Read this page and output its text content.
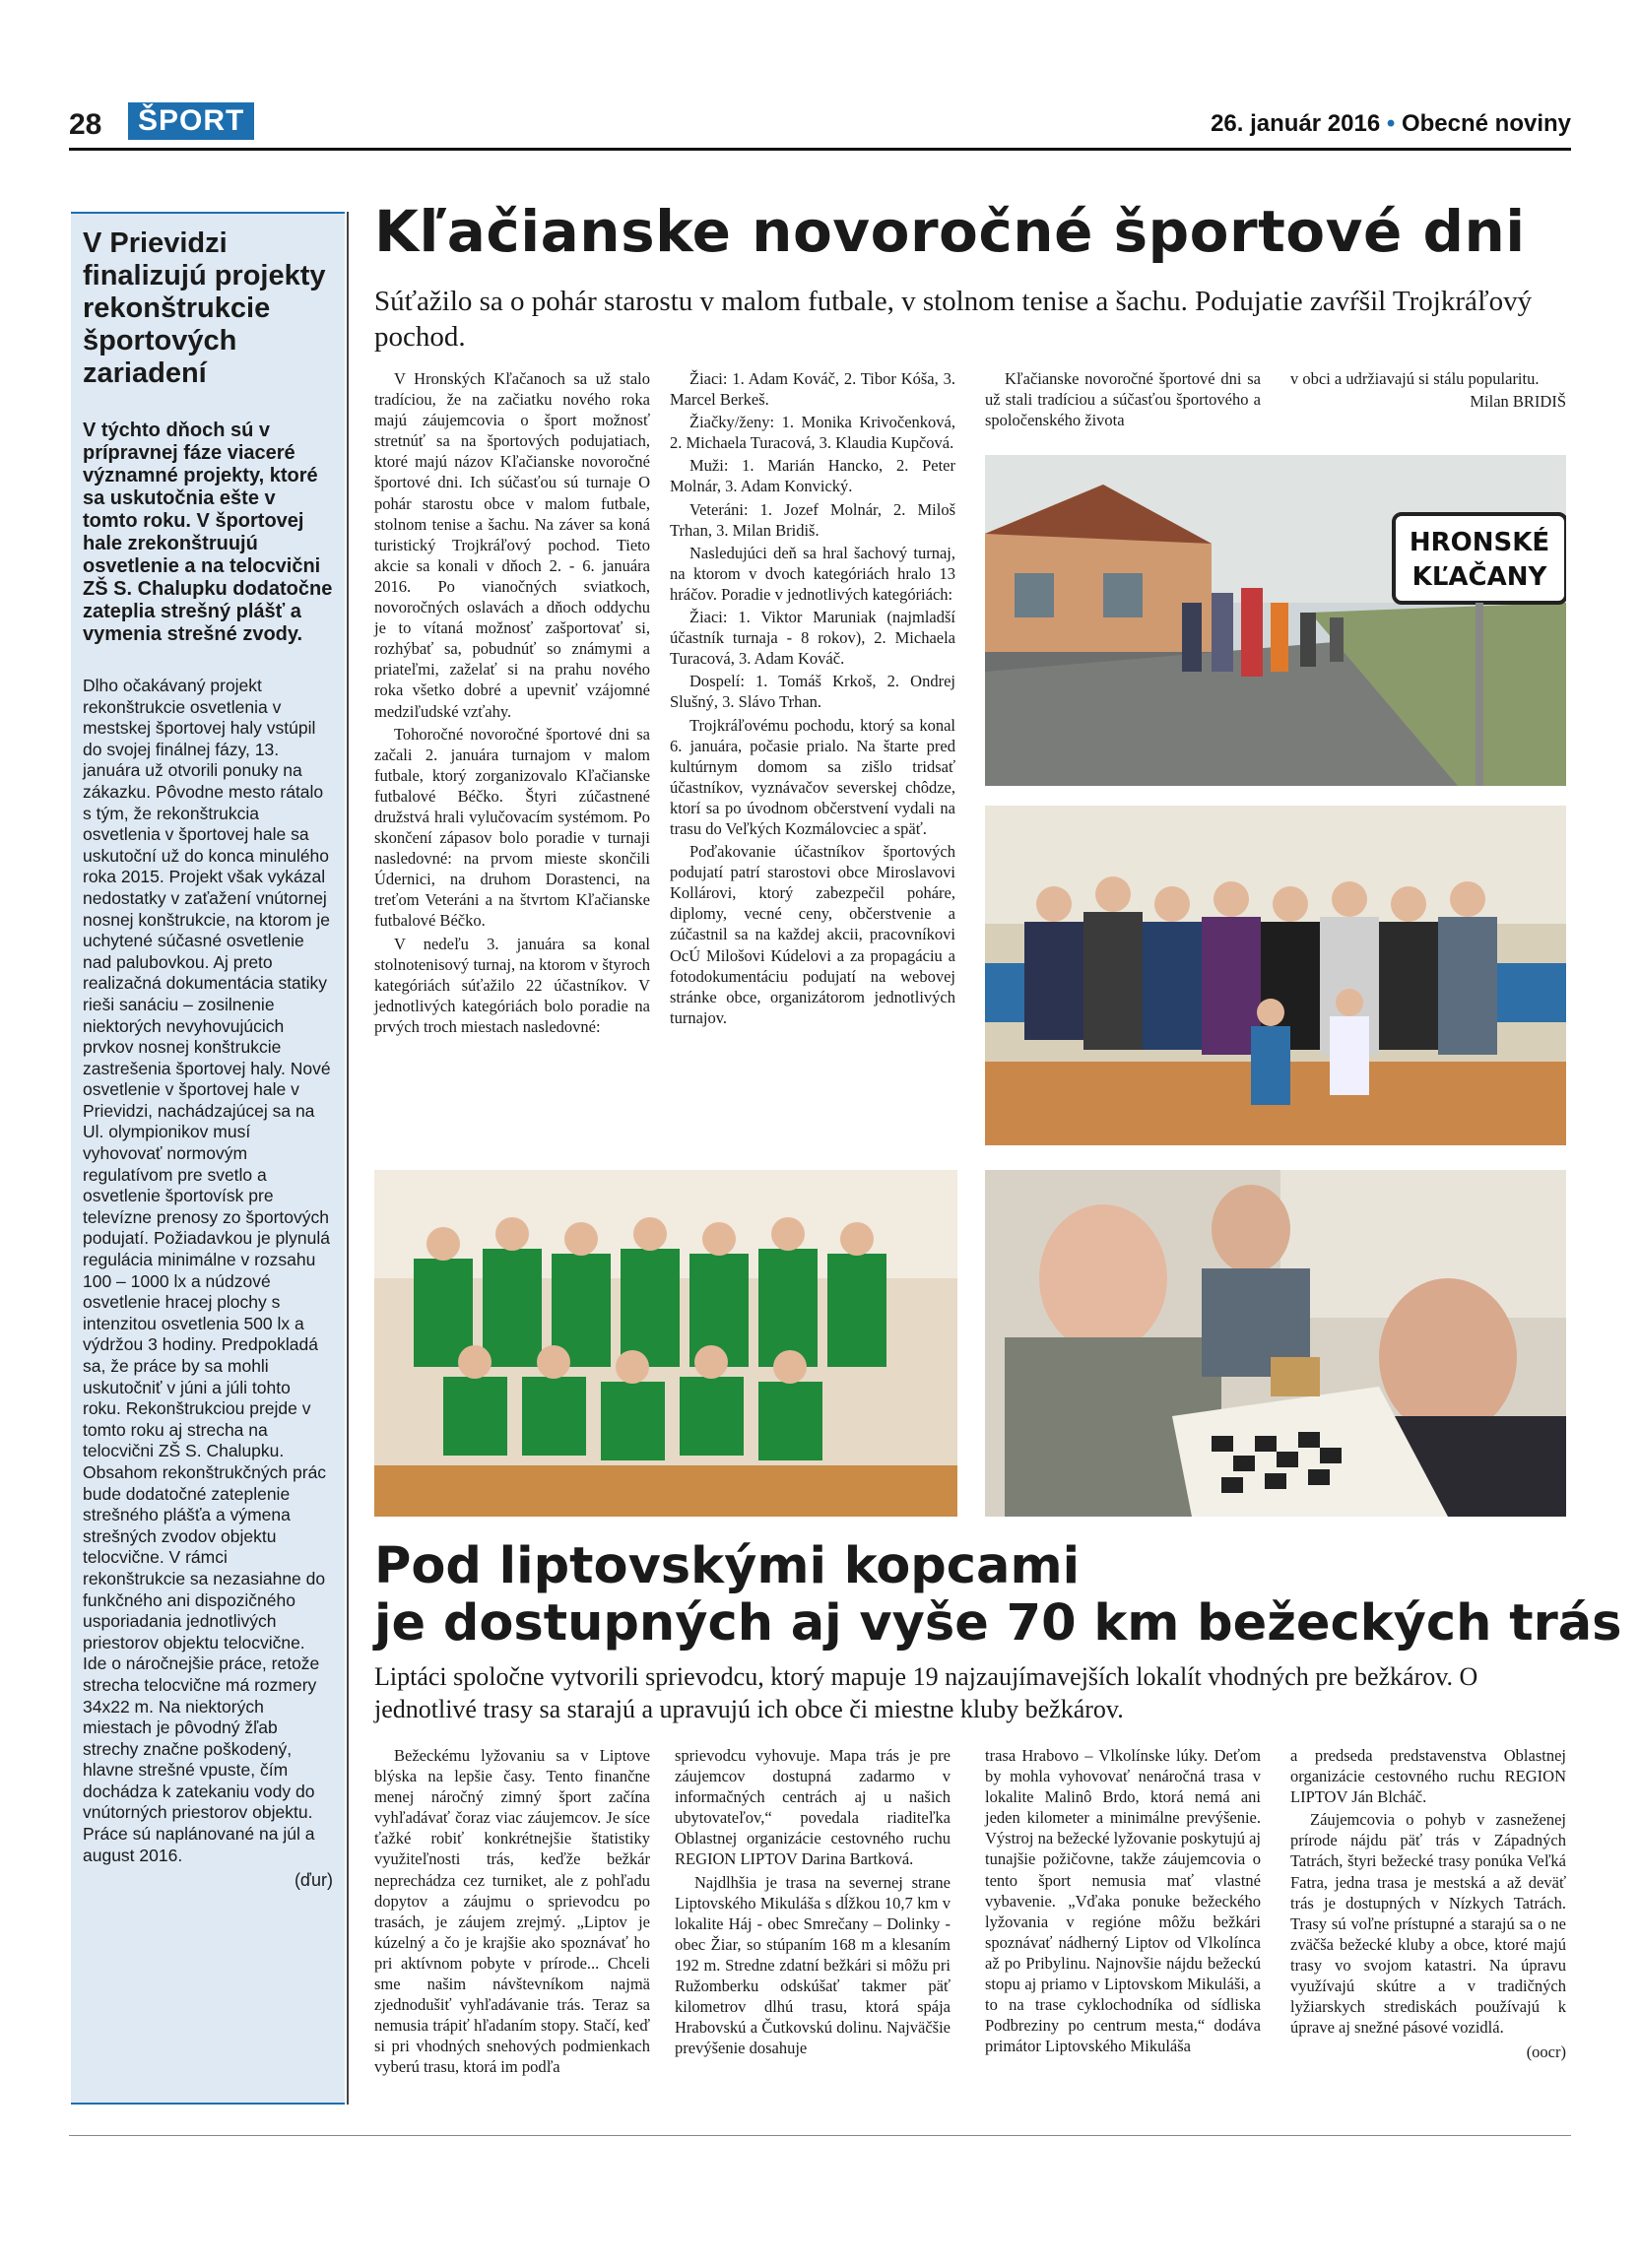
28	ŠPORT	26. január 2016 • Obecné noviny
V Prievidzi finalizujú projekty rekonštrukcie športových zariadení
V týchto dňoch sú v prípravnej fáze viaceré významné projekty, ktoré sa uskutočnia ešte v tomto roku. V športovej hale zrekonštruujú osvetlenie a na telocvični ZŠ S. Chalupku dodatočne zateplia strešný plášť a vymenia strešné zvody.
Dlho očakávaný projekt rekonštrukcie osvetlenia v mestskej športovej haly vstúpil do svojej finálnej fázy, 13. januára už otvorili ponuky na zákazku. Pôvodne mesto rátalo s tým, že rekonštrukcia osvetlenia v športovej hale sa uskutoční už do konca minulého roka 2015. Projekt však vykázal nedostatky v zaťažení vnútornej nosnej konštrukcie, na ktorom je uchytené súčasné osvetlenie nad palubovkou. Aj preto realizačná dokumentácia statiky rieši sanáciu – zosilnenie niektorých nevyhovujúcich prvkov nosnej konštrukcie zastrešenia športovej haly. Nové osvetlenie v športovej hale v Prievidzi, nachádzajúcej sa na Ul. olympionikov musí vyhovovať normovým regulatívom pre svetlo a osvetlenie športovísk pre televízne prenosy zo športových podujatí. Požiadavkou je plynulá regulácia minimálne v rozsahu 100 – 1000 lx a núdzové osvetlenie hracej plochy s intenzitou osvetlenia 500 lx a výdržou 3 hodiny. Predpokladá sa, že práce by sa mohli uskutočniť v júni a júli tohto roku. Rekonštrukciou prejde v tomto roku aj strecha na telocvični ZŠ S. Chalupku. Obsahom rekonštrukčných prác bude dodatočné zateplenie strešného plášťa a výmena strešných zvodov objektu telocvične. V rámci rekonštrukcie sa nezasiahne do funkčného ani dispozičného usporiadania jednotlivých priestorov objektu telocvične. Ide o náročnejšie práce, retože strecha telocvične má rozmery 34x22 m. Na niektorých miestach je pôvodný žľab strechy značne poškodený, hlavne strešné vpuste, čím dochádza k zatekaniu vody do vnútorných priestorov objektu. Práce sú naplánované na júl a august 2016.
(ďur)
Kľačianske novoročné športové dni
Súťažilo sa o pohár starostu v malom futbale, v stolnom tenise a šachu. Podujatie zavŕšil Trojkráľový pochod.

V Hronských Kľačanoch sa už stalo tradíciou, že na začiatku nového roka majú záujemcovia o šport možnosť stretnúť sa na športových podujatiach, ktoré majú názov Kľačianske novoročné športové dni. Ich súčasťou sú turnaje O pohár starostu obce v malom futbale, stolnom tenise a šachu. Na záver sa koná turistický Trojkráľový pochod. Tieto akcie sa konali v dňoch 2. - 6. januára 2016. Po vianočných sviatkoch, novoročných oslavách a dňoch oddychu je to vítaná možnosť zašportovať si, rozhýbať sa, pobudnúť so známymi a priateľmi, zaželať si na prahu nového roka všetko dobré a upevniť vzájomné medziľudské vzťahy.

Tohoročné novoročné športové dni sa začali 2. januára turnajom v malom futbale, ktorý zorganizovalo Kľačianske futbalové Béčko. Štyri zúčastnené družstvá hrali vylučovacím systémom. Po skončení zápasov bolo poradie v turnaji nasledovné: na prvom mieste skončili Údernici, na druhom Dorastenci, na treťom Veteráni a na štvrtom Kľačianske futbalové Béčko.

V nedeľu 3. januára sa konal stolnotenisový turnaj, na ktorom v štyroch kategóriách súťažilo 22 účastníkov. V jednotlivých kategóriách bolo poradie na prvých troch miestach nasledovné:

Žiaci: 1. Adam Kováč, 2. Tibor Kóša, 3. Marcel Berkeš.

Žiačky/ženy: 1. Monika Krivočenková, 2. Michaela Turacová, 3. Klaudia Kupčová.

Muži: 1. Marián Hancko, 2. Peter Molnár, 3. Adam Konvický.

Veteráni: 1. Jozef Molnár, 2. Miloš Trhan, 3. Milan Bridiš.

Nasledujúci deň sa hral šachový turnaj, na ktorom v dvoch kategóriách hralo 13 hráčov. Poradie v jednotlivých kategóriách:

Žiaci: 1. Viktor Maruniak (najmladší účastník turnaja - 8 rokov), 2. Michaela Turacová, 3. Adam Kováč.

Dospelí: 1. Tomáš Krkoš, 2. Ondrej Slušný, 3. Slávo Trhan.

Trojkráľovému pochodu, ktorý sa konal 6. januára, počasie prialo. Na štarte pred kultúrnym domom sa zišlo tridsať účastníkov, vyznávačov severskej chôdze, ktorí sa po úvodnom občerstvení vydali na trasu do Veľkých Kozmálovciec a späť.

Poďakovanie účastníkov športových podujatí patrí starostovi obce Miroslavovi Kollárovi, ktorý zabezpečil poháre, diplomy, vecné ceny, občerstvenie a zúčastnil sa na každej akcii, pracovníkovi OcÚ Milošovi Kúdelovi a za propagáciu a fotodokumentáciu podujatí na webovej stránke obce, organizátorom jednotlivých turnajov.

Kľačianske novoročné športové dni sa už stali tradíciou a súčasťou športového a spoločenského života

v obci a udržiavajú si stálu popularitu.

Milan BRIDIŠ

HRONSKÉ
KĽAČANY
Pod liptovskými kopcami
je dostupných aj vyše 70 km bežeckých trás
Liptáci spoločne vytvorili sprievodcu, ktorý mapuje 19 najzaujímavejších lokalít vhodných pre bežkárov. O jednotlivé trasy sa starajú a upravujú ich obce či miestne kluby bežkárov.

Bežeckému lyžovaniu sa v Liptove blýska na lepšie časy. Tento finančne menej náročný zimný šport začína vyhľadávať čoraz viac záujemcov. Je síce ťažké robiť konkrétnejšie štatistiky využiteľnosti trás, keďže bežkár neprechádza cez turniket, ale z pohľadu dopytov a záujmu o sprievodcu po trasách, je záujem zrejmý. „Liptov je kúzelný a čo je krajšie ako spoznávať ho pri aktívnom pobyte v prírode... Chceli sme našim návštevníkom najmä zjednodušiť vyhľadávanie trás. Teraz sa nemusia trápiť hľadaním stopy. Stačí, keď si pri vhodných snehových podmienkach vyberú trasu, ktorá im podľa

sprievodcu vyhovuje. Mapa trás je pre záujemcov dostupná zadarmo v informačných centrách aj u našich ubytovateľov,“ povedala riaditeľka Oblastnej organizácie cestovného ruchu REGION LIPTOV Darina Bartková.

Najdlhšia je trasa na severnej strane Liptovského Mikuláša s dĺžkou 10,7 km v lokalite Háj - obec Smrečany – Dolinky - obec Žiar, so stúpaním 168 m a klesaním 192 m. Stredne zdatní bežkári si môžu pri Ružomberku odskúšať takmer päť kilometrov dlhú trasu, ktorá spája Hrabovskú a Čutkovskú dolinu. Najväčšie prevýšenie dosahuje

trasa Hrabovo – Vlkolínske lúky. Deťom by mohla vyhovovať nenáročná trasa v lokalite Malinô Brdo, ktorá nemá ani jeden kilometer a minimálne prevýšenie. Výstroj na bežecké lyžovanie poskytujú aj tunajšie požičovne, takže záujemcovia o tento šport nemusia mať vlastné vybavenie. „Vďaka ponuke bežeckého lyžovania v regióne môžu bežkári spoznávať nádherný Liptov od Vlkolínca až po Pribylinu. Najnovšie nájdu bežeckú stopu aj priamo v Liptovskom Mikuláši, a to na trase cyklochodníka od sídliska Podbreziny po centrum mesta,“ dodáva primátor Liptovského Mikuláša

a predseda predstavenstva Oblastnej organizácie cestovného ruchu REGION LIPTOV Ján Blcháč.

Záujemcovia o pohyb v zasneženej prírode nájdu päť trás v Západných Tatrách, štyri bežecké trasy ponúka Veľká Fatra, jedna trasa je mestská a až deväť trás je dostupných v Nízkych Tatrách. Trasy sú voľne prístupné a starajú sa o ne zväčša bežecké kluby a obce, ktoré majú trasy vo svojom katastri. Na úpravu využívajú skútre a v tradičných lyžiarskych strediskách používajú k úprave aj snežné pásové vozidlá.

(oocr)
